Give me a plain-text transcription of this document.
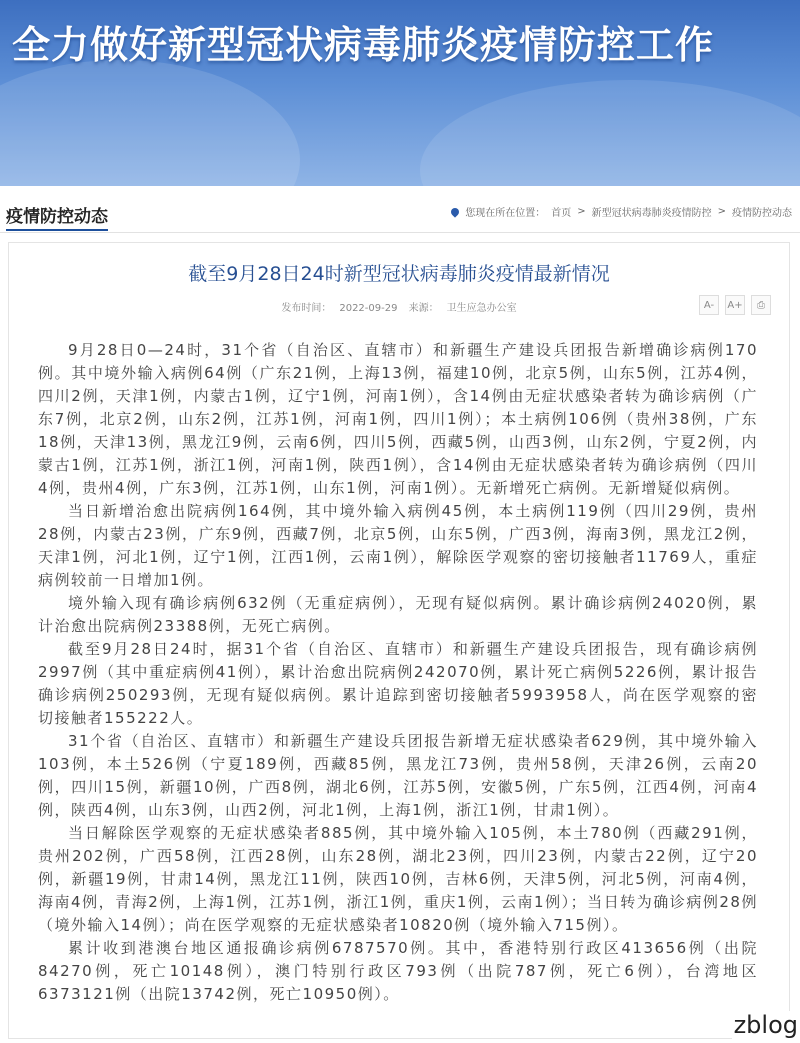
全力做好新型冠状病毒肺炎疫情防控工作
疫情防控动态	您现在所在位置： 首页 > 新型冠状病毒肺炎疫情防控 > 疫情防控动态
截至9月28日24时新型冠状病毒肺炎疫情最新情况
发布时间： 2022-09-29 来源： 卫生应急办公室	A-	A+	⎙

9月28日0—24时，31个省（自治区、直辖市）和新疆生产建设兵团报告新增确诊病例170例。其中境外输入病例64例（广东21例，上海13例，福建10例，北京5例，山东5例，江苏4例，四川2例，天津1例，内蒙古1例，辽宁1例，河南1例），含14例由无症状感染者转为确诊病例（广东7例，北京2例，山东2例，江苏1例，河南1例，四川1例）；本土病例106例（贵州38例，广东18例，天津13例，黑龙江9例，云南6例，四川5例，西藏5例，山西3例，山东2例，宁夏2例，内蒙古1例，江苏1例，浙江1例，河南1例，陕西1例），含14例由无症状感染者转为确诊病例（四川4例，贵州4例，广东3例，江苏1例，山东1例，河南1例）。无新增死亡病例。无新增疑似病例。

当日新增治愈出院病例164例，其中境外输入病例45例，本土病例119例（四川29例，贵州28例，内蒙古23例，广东9例，西藏7例，北京5例，山东5例，广西3例，海南3例，黑龙江2例，天津1例，河北1例，辽宁1例，江西1例，云南1例），解除医学观察的密切接触者11769人，重症病例较前一日增加1例。

境外输入现有确诊病例632例（无重症病例），无现有疑似病例。累计确诊病例24020例，累计治愈出院病例23388例，无死亡病例。

截至9月28日24时，据31个省（自治区、直辖市）和新疆生产建设兵团报告，现有确诊病例2997例（其中重症病例41例），累计治愈出院病例242070例，累计死亡病例5226例，累计报告确诊病例250293例，无现有疑似病例。累计追踪到密切接触者5993958人，尚在医学观察的密切接触者155222人。

31个省（自治区、直辖市）和新疆生产建设兵团报告新增无症状感染者629例，其中境外输入103例，本土526例（宁夏189例，西藏85例，黑龙江73例，贵州58例，天津26例，云南20例，四川15例，新疆10例，广西8例，湖北6例，江苏5例，安徽5例，广东5例，江西4例，河南4例，陕西4例，山东3例，山西2例，河北1例，上海1例，浙江1例，甘肃1例）。

当日解除医学观察的无症状感染者885例，其中境外输入105例，本土780例（西藏291例，贵州202例，广西58例，江西28例，山东28例，湖北23例，四川23例，内蒙古22例，辽宁20例，新疆19例，甘肃14例，黑龙江11例，陕西10例，吉林6例，天津5例，河北5例，河南4例，海南4例，青海2例，上海1例，江苏1例，浙江1例，重庆1例，云南1例）；当日转为确诊病例28例（境外输入14例）；尚在医学观察的无症状感染者10820例（境外输入715例）。

累计收到港澳台地区通报确诊病例6787570例。其中，香港特别行政区413656例（出院84270例，死亡10148例），澳门特别行政区793例（出院787例，死亡6例），台湾地区6373121例（出院13742例，死亡10950例）。

zblog
